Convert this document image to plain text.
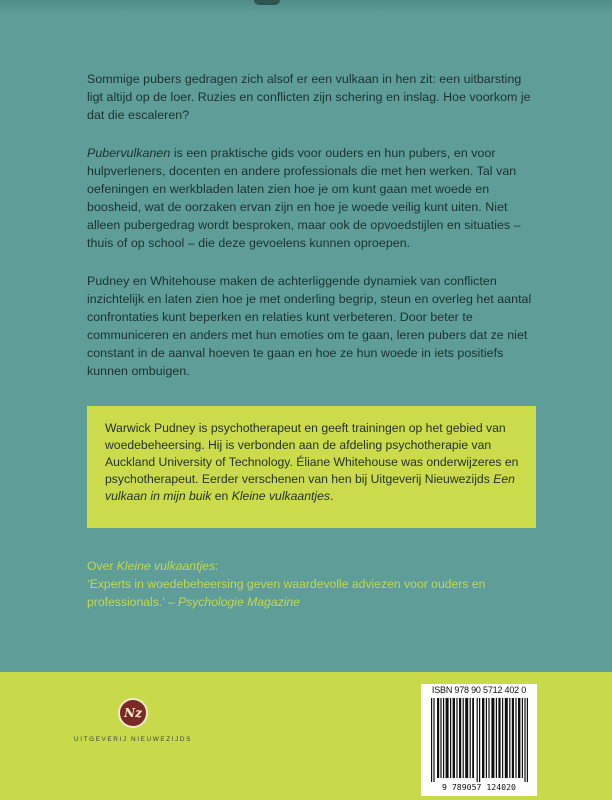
Sommige pubers gedragen zich alsof er een vulkaan in hen zit: een uitbarsting ligt altijd op de loer. Ruzies en conflicten zijn schering en inslag. Hoe voorkom je dat die escaleren?

Pubervulkanen is een praktische gids voor ouders en hun pubers, en voor hulpverleners, docenten en andere professionals die met hen werken. Tal van oefeningen en werkbladen laten zien hoe je om kunt gaan met woede en boosheid, wat de oorzaken ervan zijn en hoe je woede veilig kunt uiten. Niet alleen pubergedrag wordt besproken, maar ook de opvoedstijlen en situaties – thuis of op school – die deze gevoelens kunnen oproepen.

Pudney en Whitehouse maken de achterliggende dynamiek van conflicten inzichtelijk en laten zien hoe je met onderling begrip, steun en overleg het aantal confrontaties kunt beperken en relaties kunt verbeteren. Door beter te communiceren en anders met hun emoties om te gaan, leren pubers dat ze niet constant in de aanval hoeven te gaan en hoe ze hun woede in iets positiefs kunnen ombuigen.

Warwick Pudney is psychotherapeut en geeft trainingen op het gebied van woedebeheersing. Hij is verbonden aan de afdeling psychotherapie van Auckland University of Technology. Éliane Whitehouse was onderwijzeres en psychotherapeut. Eerder verschenen van hen bij Uitgeverij Nieuwezijds Een vulkaan in mijn buik en Kleine vulkaantjes.

Over Kleine vulkaantjes:
‘Experts in woedebeheersing geven waardevolle adviezen voor ouders en professionals.’ – Psychologie Magazine
Nz
UITGEVERIJ NIEUWEZIJDS
ISBN 978 90 5712 402 0
9 789057 124020
